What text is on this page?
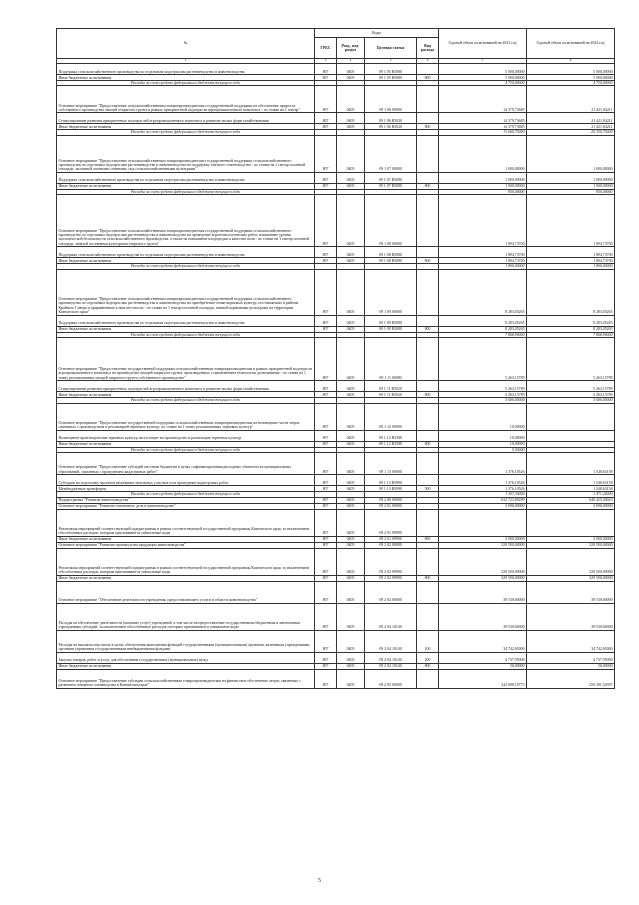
№	Коды				Годовой объем ассигнований на 2023 год	Годовой объем ассигнований на 2024 год
	ГРБС	Разд., под-раздел	Целевая статья	Вид расхода		
2	3	4	5	6	7	8
Поддержка сельскохозяйственного производства по отдельным подотраслям растениеводства и животноводства	807	0405	09 1 05 R5080		5 000,00000	5 000,00000
Иные бюджетные ассигнования	807	0405	09 1 05 R5080	800	5 000,00000	5 000,00000
Расходы за счет средств федерального бюджета текущего года					4 750,00000	4 750,00000
Основное мероприятие "Предоставление сельскохозяйственным товаропроизводителям государственной поддержки на обеспечение прироста собственного производства овощей открытого грунта в рамках приоритетной подотрасли агропромышленного комплекса - по ставке на 1 гектар"	807	0405	09 1 06 00000		14 379,73685	21 421,84211
Стимулирование развития приоритетных подотраслей агропромышленного комплекса и развитие малых форм хозяйствования	807	0405	09 1 06 R5020		14 379,73685	21 421,84211
Иные бюджетные ассигнования	807	0405	09 1 06 R5020	800	14 379,73685	21 421,84211
Расходы за счет средств федерального бюджета текущего года					13 660,75000	20 350,75000
Основное мероприятие "Предоставление сельскохозяйственным товаропроизводителям государственной поддержки сельскохозяйственного производства по отдельным подотраслям растениеводства и животноводства на поддержку элитного семеноводства - по ставке на 1 гектар посевной площади, засеянной элитными семенами, под сельскохозяйственными культурами"	807	0405	09 1 07 00000		1 000,00000	1 000,00000
Поддержка сельскохозяйственного производства по отдельным подотраслям растениеводства и животноводства	807	0405	09 1 07 R5080		1 000,00000	1 000,00000
Иные бюджетные ассигнования	807	0405	09 1 07 R5080	800	1 000,00000	1 000,00000
Расходы за счет средств федерального бюджета текущего года					950,00000	950,00000
Основное мероприятие "Предоставление сельскохозяйственным товаропроизводителям государственной поддержки сельскохозяйственного производства по отдельным подотраслям растениеводства и животноводства на проведение агротехнологических работ, повышение уровня экологической безопасности сельскохозяйственного производства, а также на повышение плодородия и качества почв - по ставке на 1 гектар посевной площади, занятой посевными культурами открытого грунта"	807	0405	09 1 08 00000		1 894,73700	1 894,73700
Поддержка сельскохозяйственного производства по отдельным подотраслям растениеводства и животноводства	807	0405	09 1 08 R5080		1 894,73700	1 894,73700
Иные бюджетные ассигнования	807	0405	09 1 08 R5080	800	1 894,73700	1 894,73700
Расходы за счет средств федерального бюджета текущего года					1 800,00000	1 800,00000
Основное мероприятие "Предоставление сельскохозяйственным товаропроизводителям государственной поддержки сельскохозяйственного производства по отдельным подотраслям растениеводства и животноводства на приобретение семян кормовых культур, поставляемых в районы Крайнего Севера и приравненные к ним местности - по ставке на 1 гектар посевной площади, занятой кормовыми культурами на территории Камчатского края"	807	0405	09 1 09 00000		8 283,05265	8 283,05265
Поддержка сельскохозяйственного производства по отдельным подотраслям растениеводства и животноводства	807	0405	09 1 09 R5080		8 283,05265	8 283,05265
Иные бюджетные ассигнования	807	0405	09 1 09 R5080	800	8 283,05265	8 283,05265
Расходы за счет средств федерального бюджета текущего года					7 868,90000	7 868,90000
Основное мероприятие "Предоставление государственной поддержки сельскохозяйственным товаропроизводителям в рамках приоритетной подотрасли агропромышленного комплекса на производство овощей закрытого грунта, произведенных с применением технологии досвечивания - по ставке на 1 тонну реализованных овощей закрытого грунта собственного производства"	807	0405	09 1 11 00000		5 263,15789	5 263,15789
Стимулирование развития приоритетных подотраслей агропромышленного комплекса и развитие малых форм хозяйствования	807	0405	09 1 11 R5020		5 263,15789	5 263,15789
Иные бюджетные ассигнования	807	0405	09 1 11 R5020	800	5 263,15789	5 263,15789
Расходы за счет средств федерального бюджета текущего года					5 000,00000	5 000,00000
Основное мероприятие "Предоставление государственной поддержки сельскохозяйственным товаропроизводителям на возмещение части затрат, связанных с производством и реализацией зерновых культур, по ставке на 1 тонну реализованных зерновых культур"	807	0405	09 1 12 00000		10,00000	
Возмещение производителям зерновых культур части затрат на производство и реализацию зерновых культур	807	0405	09 1 12 R3580		10,00000	
Иные бюджетные ассигнования	807	0405	09 1 12 R3580	800	10,00000	
Расходы за счет средств федерального бюджета текущего года					5,50000	
Основное мероприятие "Предоставление субсидий местным бюджетам в целях софинансирования расходных обязательств муниципальных образований, связанных с проведением кадастровых работ"	807	0405	09 1 13 00000		1 376,10526	1 548,63158
Субсидии на подготовку проектов межевания земельных участков и на проведение кадастровых работ	807	0405	09 1 13 R5990		1 376,10526	1 548,63158
Межбюджетные трансферты	807	0405	09 1 13 R5990	500	1 376,10526	1 548,63158
Расходы за счет средств федерального бюджета текущего года					1 307,30000	1 471,20000
Подпрограмма "Развитие животноводства"	807	0405	09 2 00 00000		632 723,89299	640 425,04923
Основное мероприятие "Развитие племенного дела в животноводстве"	807	0405	09 2 01 00000		3 000,00000	3 000,00000
Реализация мероприятий соответствующей подпрограммы в рамках соответствующей государственной программы Камчатского края, за исключением обособленных расходов, которым присваиваются уникальные коды	807	0405	09 2 01 09990			
Иные бюджетные ассигнования	807	0405	09 2 01 09990	800	3 000,00000	3 000,00000
Основное мероприятие "Развитие производства продукции животноводства"	807	0405	09 2 02 00000		329 500,00000	329 500,00000
Реализация мероприятий соответствующей подпрограммы в рамках соответствующей государственной программы Камчатского края, за исключением обособленных расходов, которым присваиваются уникальные коды	807	0405	09 2 02 09990		329 500,00000	329 500,00000
Иные бюджетные ассигнования	807	0405	09 2 02 09990	800	329 500,00000	329 500,00000
Основное мероприятие "Обеспечение деятельности учреждения, предоставляющего услуги в области животноводства"	807	0405	09 2 04 00000		39 530,60000	39 530,60000
Расходы на обеспечение деятельности (оказание услуг) учреждений, в том числе на предоставление государственным бюджетным и автономным учреждениям субсидий, за исключением обособленных расходов, которым присваиваются уникальные коды	807	0405	09 2 04 10140		39 530,60000	39 530,60000
Расходы на выплаты персоналу в целях обеспечения выполнения функций государственными (муниципальными) органами, казенными учреждениями, органами управления государственными внебюджетными фондами	807	0405	09 2 04 10140	100	34 742,65000	34 742,65000
Закупка товаров, работ и услуг для обеспечения государственных (муниципальных) нужд	807	0405	09 2 04 10140	200	4 737,95000	4 737,95000
Иные бюджетные ассигнования	807	0405	09 2 04 10140	800	50,00000	50,00000
Основное мероприятие "Предоставление субсидии сельскохозяйственным товаропроизводителям на финансовое обеспечение затрат, связанных с развитием северного оленеводства в Камчатском крае"	807	0405	09 2 05 00000		242 698,18773	250 391,34397
5
